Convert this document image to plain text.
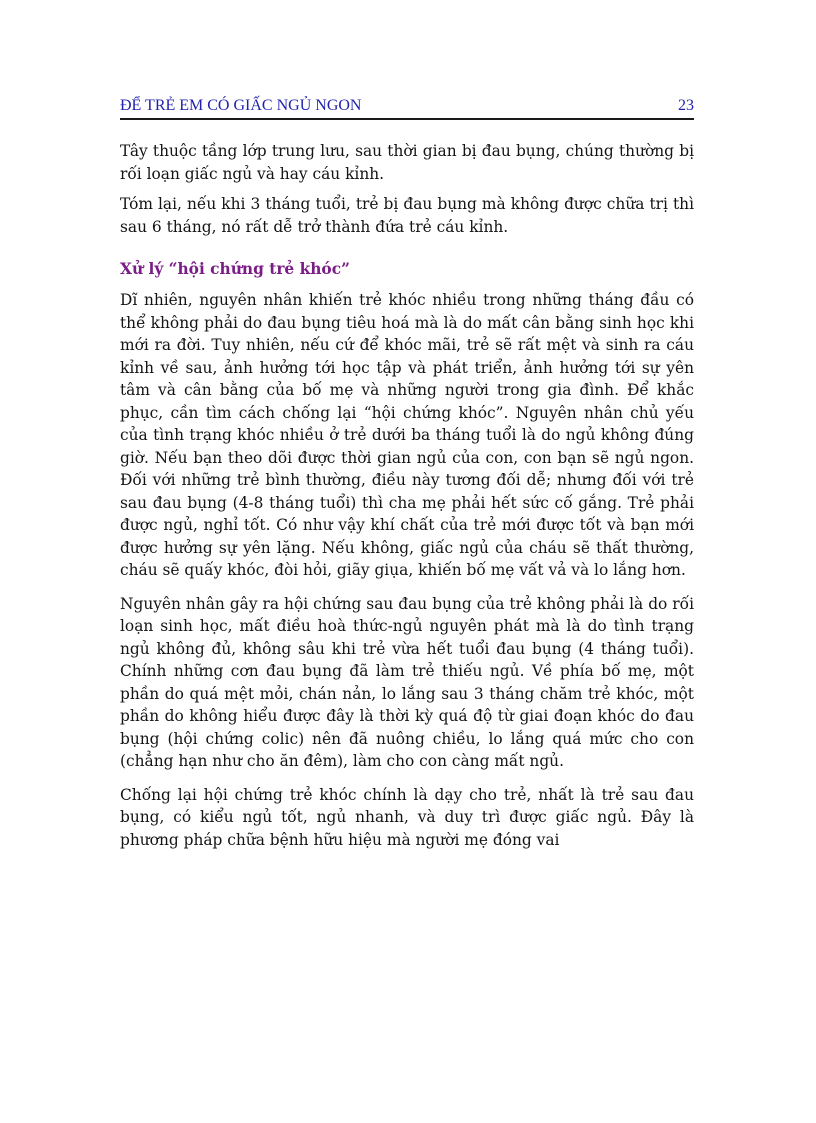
ĐỂ TRẺ EM CÓ GIẤC NGỦ NGON	23

Tây thuộc tầng lớp trung lưu, sau thời gian bị đau bụng, chúng thường bị rối loạn giấc ngủ và hay cáu kỉnh.

Tóm lại, nếu khi 3 tháng tuổi, trẻ bị đau bụng mà không được chữa trị thì sau 6 tháng, nó rất dễ trở thành đứa trẻ cáu kỉnh.

Xử lý “hội chứng trẻ khóc”

Dĩ nhiên, nguyên nhân khiến trẻ khóc nhiều trong những tháng đầu có thể không phải do đau bụng tiêu hoá mà là do mất cân bằng sinh học khi mới ra đời. Tuy nhiên, nếu cứ để khóc mãi, trẻ sẽ rất mệt và sinh ra cáu kỉnh về sau, ảnh hưởng tới học tập và phát triển, ảnh hưởng tới sự yên tâm và cân bằng của bố mẹ và những người trong gia đình. Để khắc phục, cần tìm cách chống lại “hội chứng khóc”. Nguyên nhân chủ yếu của tình trạng khóc nhiều ở trẻ dưới ba tháng tuổi là do ngủ không đúng giờ. Nếu bạn theo dõi được thời gian ngủ của con, con bạn sẽ ngủ ngon. Đối với những trẻ bình thường, điều này tương đối dễ; nhưng đối với trẻ sau đau bụng (4-8 tháng tuổi) thì cha mẹ phải hết sức cố gắng. Trẻ phải được ngủ, nghỉ tốt. Có như vậy khí chất của trẻ mới được tốt và bạn mới được hưởng sự yên lặng. Nếu không, giấc ngủ của cháu sẽ thất thường, cháu sẽ quấy khóc, đòi hỏi, giãy giụa, khiến bố mẹ vất vả và lo lắng hơn.

Nguyên nhân gây ra hội chứng sau đau bụng của trẻ không phải là do rối loạn sinh học, mất điều hoà thức-ngủ nguyên phát mà là do tình trạng ngủ không đủ, không sâu khi trẻ vừa hết tuổi đau bụng (4 tháng tuổi). Chính những cơn đau bụng đã làm trẻ thiếu ngủ. Về phía bố mẹ, một phần do quá mệt mỏi, chán nản, lo lắng sau 3 tháng chăm trẻ khóc, một phần do không hiểu được đây là thời kỳ quá độ từ giai đoạn khóc do đau bụng (hội chứng colic) nên đã nuông chiều, lo lắng quá mức cho con (chẳng hạn như cho ăn đêm), làm cho con càng mất ngủ.

Chống lại hội chứng trẻ khóc chính là dạy cho trẻ, nhất là trẻ sau đau bụng, có kiểu ngủ tốt, ngủ nhanh, và duy trì được giấc ngủ. Đây là phương pháp chữa bệnh hữu hiệu mà người mẹ đóng vai
